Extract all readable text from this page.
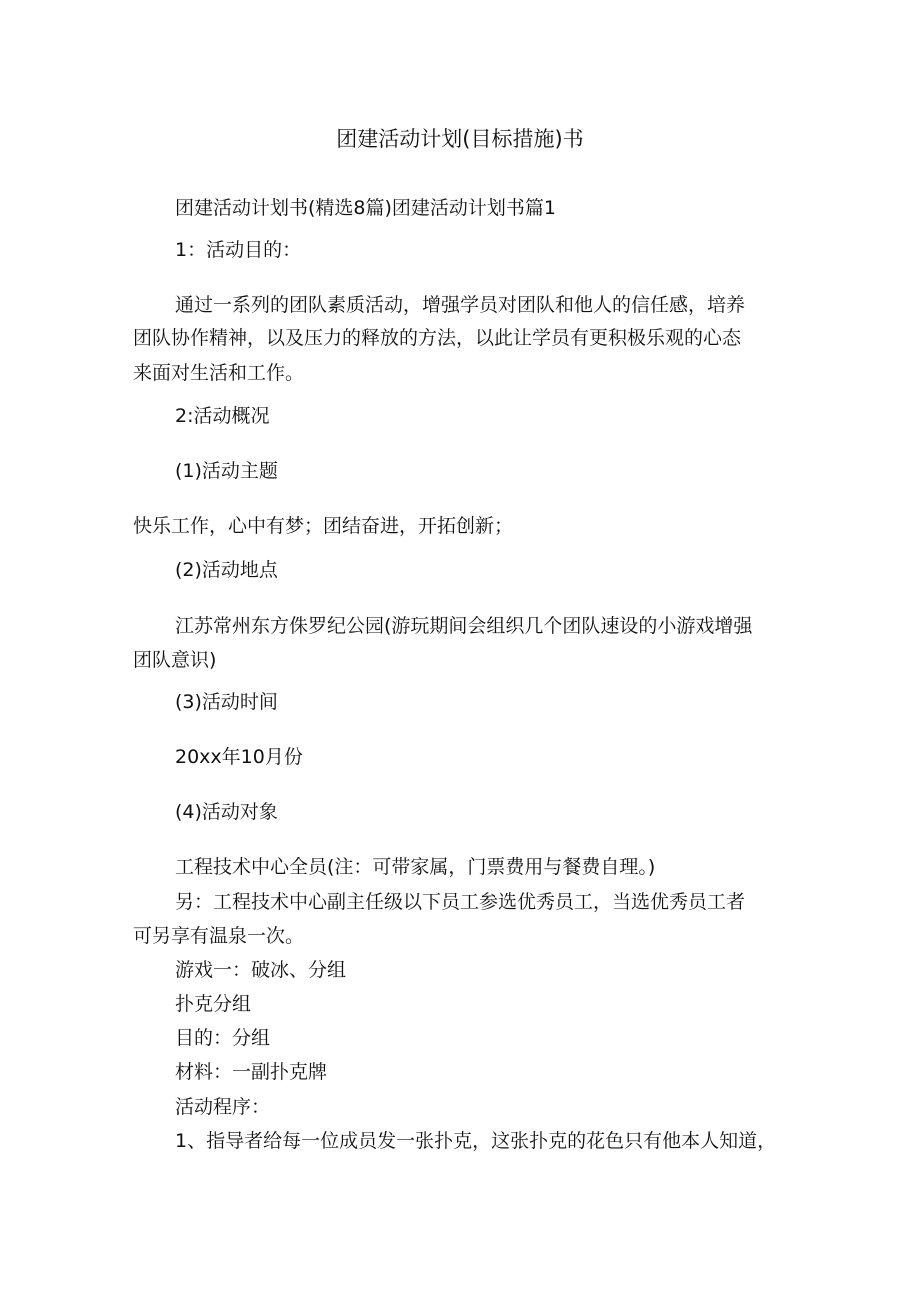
团建活动计划(目标措施)书
团建活动计划书(精选8篇)团建活动计划书篇1
1：活动目的：
通过一系列的团队素质活动，增强学员对团队和他人的信任感，培养
团队协作精神，以及压力的释放的方法，以此让学员有更积极乐观的心态
来面对生活和工作。
2:活动概况
(1)活动主题
快乐工作，心中有梦；团结奋进，开拓创新；
(2)活动地点
江苏常州东方侏罗纪公园(游玩期间会组织几个团队速设的小游戏增强
团队意识)
(3)活动时间
20xx年10月份
(4)活动对象
工程技术中心全员(注：可带家属，门票费用与餐费自理。)
另：工程技术中心副主任级以下员工参选优秀员工，当选优秀员工者
可另享有温泉一次。
游戏一：破冰、分组
扑克分组
目的：分组
材料：一副扑克牌
活动程序：
1、指导者给每一位成员发一张扑克，这张扑克的花色只有他本人知道，
